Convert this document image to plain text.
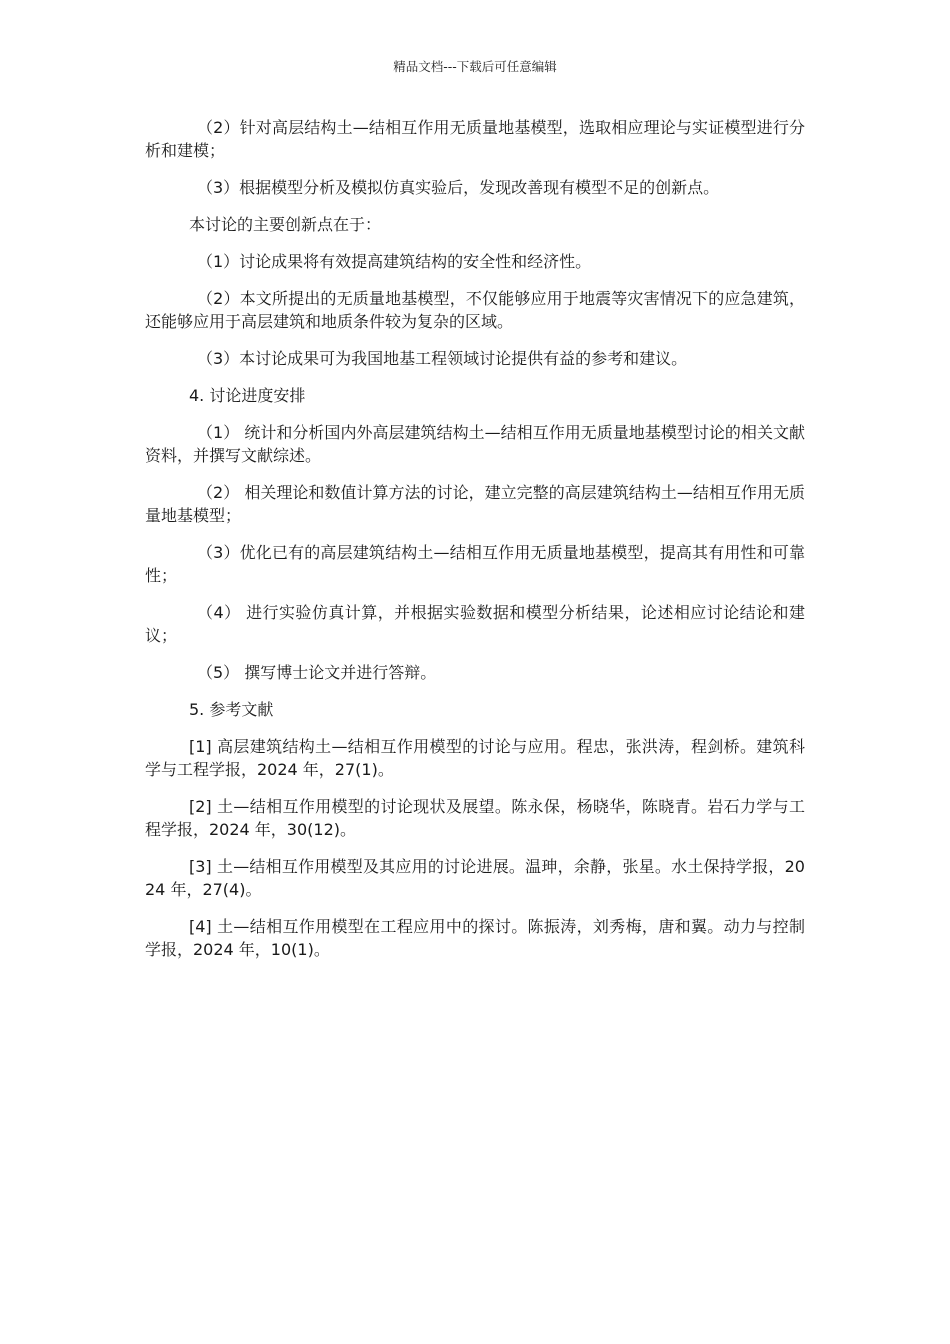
精品文档---下载后可任意编辑

（2）针对高层结构土—结相互作用无质量地基模型，选取相应理论与实证模型进行分析和建模；

（3）根据模型分析及模拟仿真实验后，发现改善现有模型不足的创新点。

本讨论的主要创新点在于：

（1）讨论成果将有效提高建筑结构的安全性和经济性。

（2）本文所提出的无质量地基模型，不仅能够应用于地震等灾害情况下的应急建筑，还能够应用于高层建筑和地质条件较为复杂的区域。

（3）本讨论成果可为我国地基工程领域讨论提供有益的参考和建议。

4. 讨论进度安排

（1） 统计和分析国内外高层建筑结构土—结相互作用无质量地基模型讨论的相关文献资料，并撰写文献综述。

（2） 相关理论和数值计算方法的讨论，建立完整的高层建筑结构土—结相互作用无质量地基模型；

（3）优化已有的高层建筑结构土—结相互作用无质量地基模型，提高其有用性和可靠性；

（4） 进行实验仿真计算，并根据实验数据和模型分析结果，论述相应讨论结论和建议；

（5） 撰写博士论文并进行答辩。

5. 参考文献

[1] 高层建筑结构土—结相互作用模型的讨论与应用。程忠，张洪涛，程剑桥。建筑科学与工程学报，2024 年，27(1)。

[2] 土—结相互作用模型的讨论现状及展望。陈永保，杨晓华，陈晓青。岩石力学与工程学报，2024 年，30(12)。

[3] 土—结相互作用模型及其应用的讨论进展。温珅，余静，张星。水土保持学报，2024 年，27(4)。

[4] 土—结相互作用模型在工程应用中的探讨。陈振涛，刘秀梅，唐和翼。动力与控制学报，2024 年，10(1)。
